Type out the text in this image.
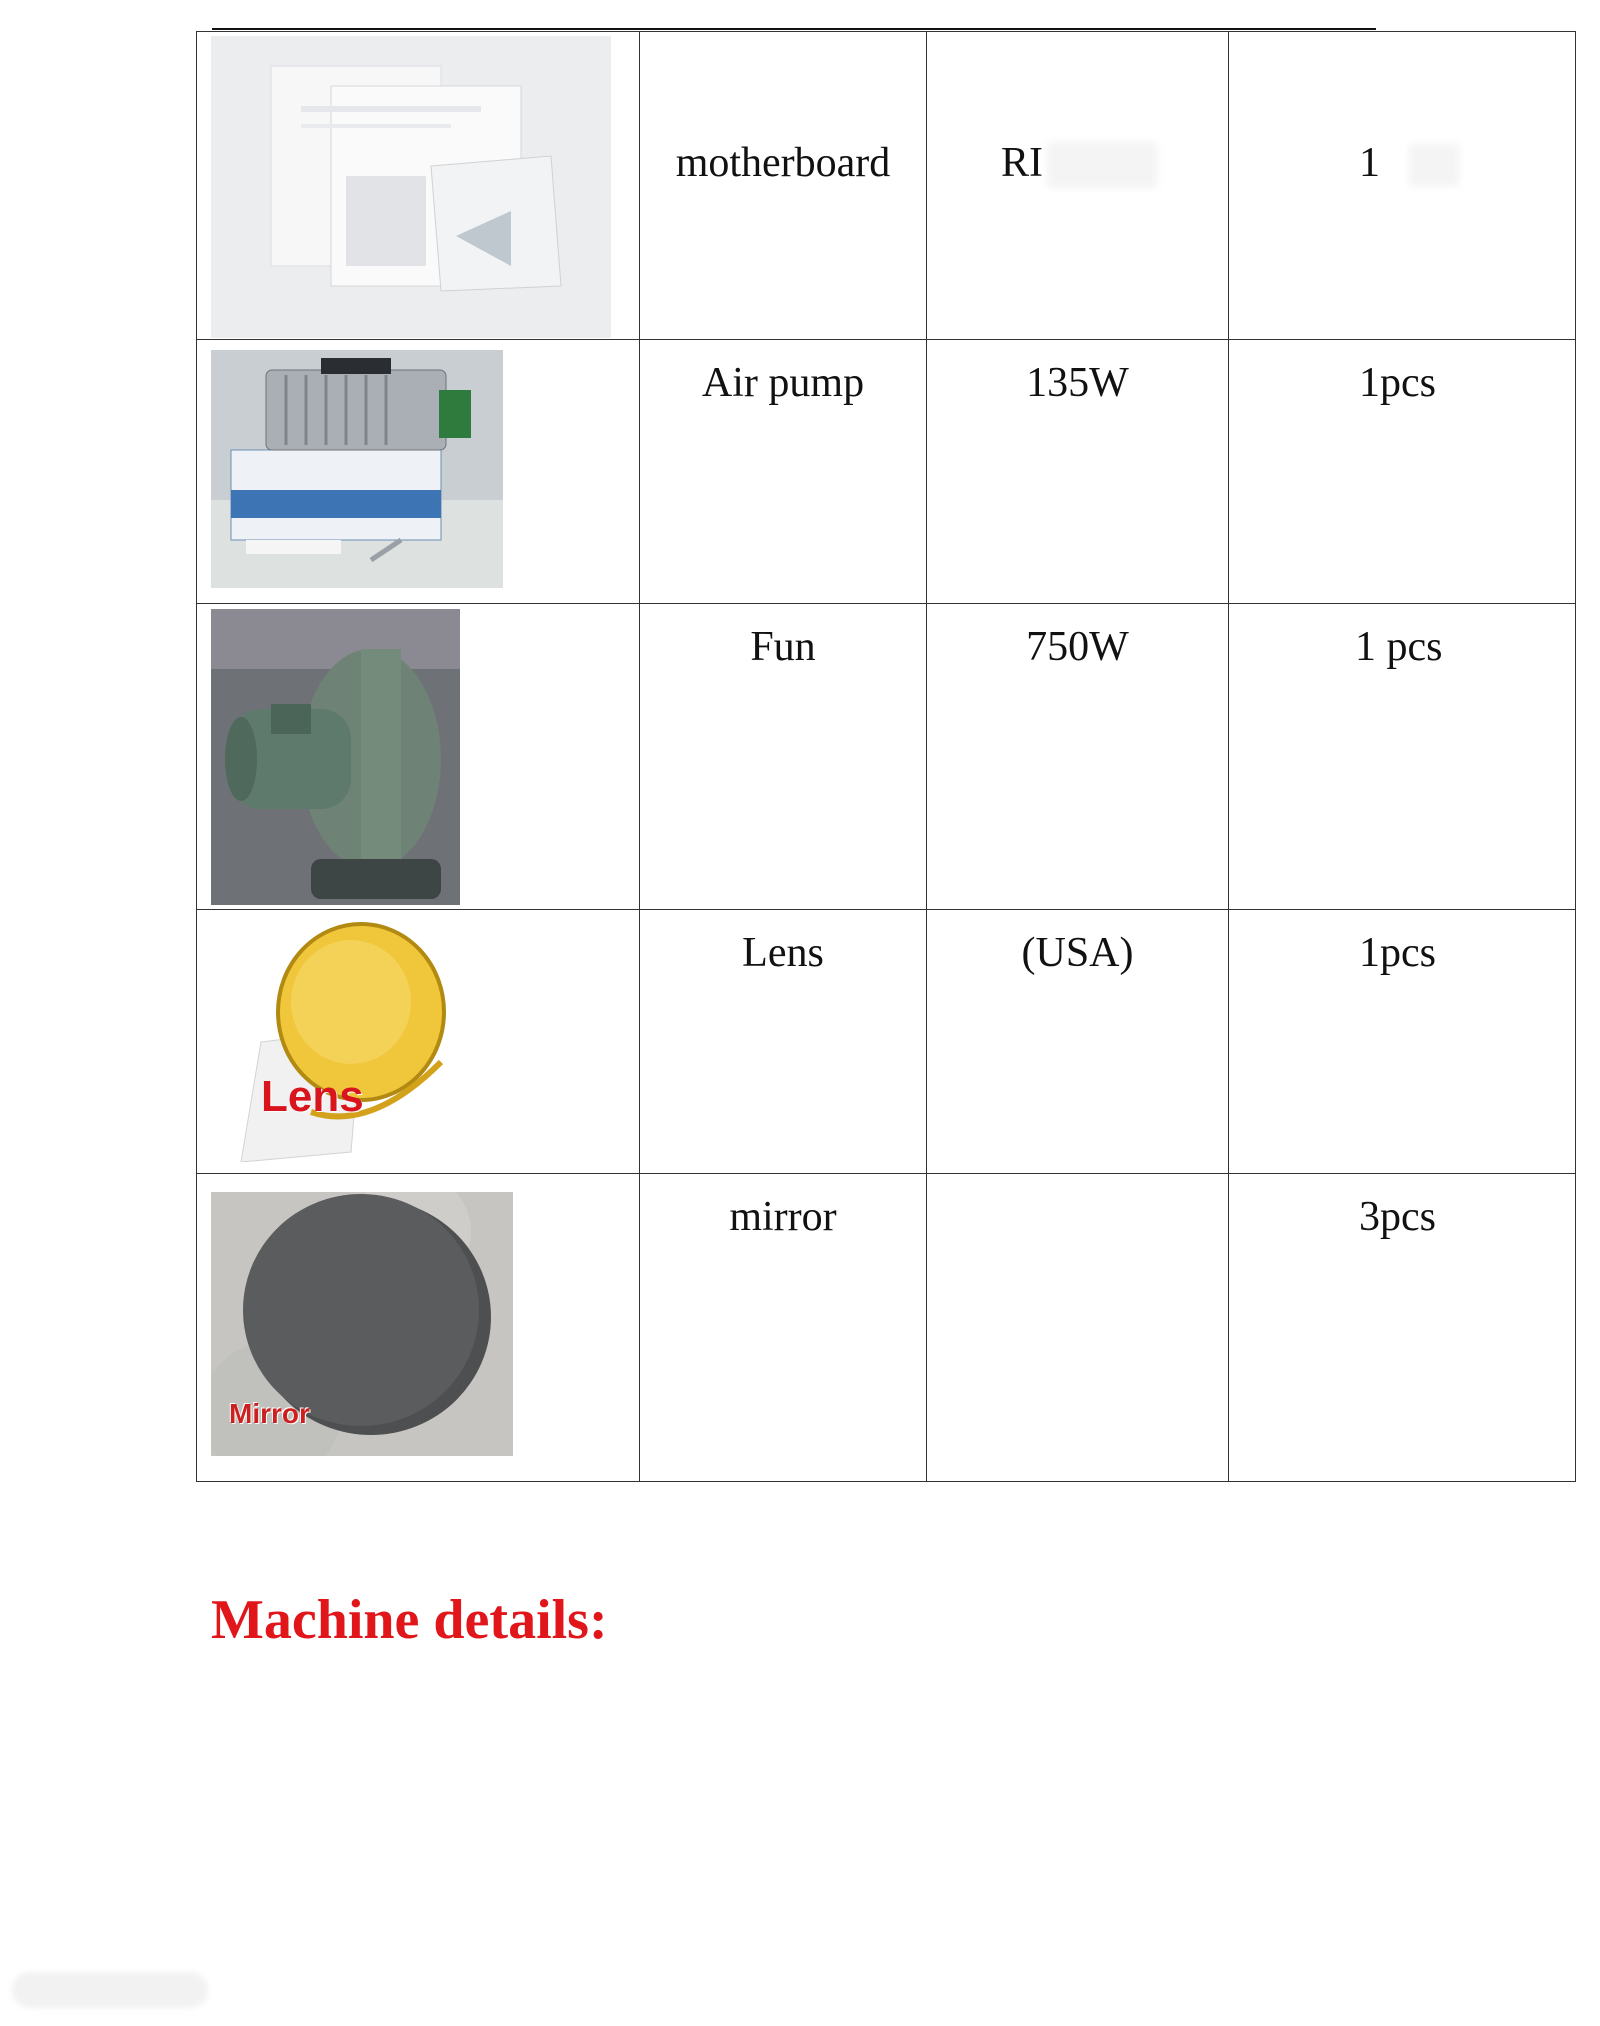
motherboard	RI	1

Air pump	135W	1pcs

Fun	750W	1 pcs

Lens	Lens	(USA)	1pcs

Mirror	mirror		3pcs
Machine details:
